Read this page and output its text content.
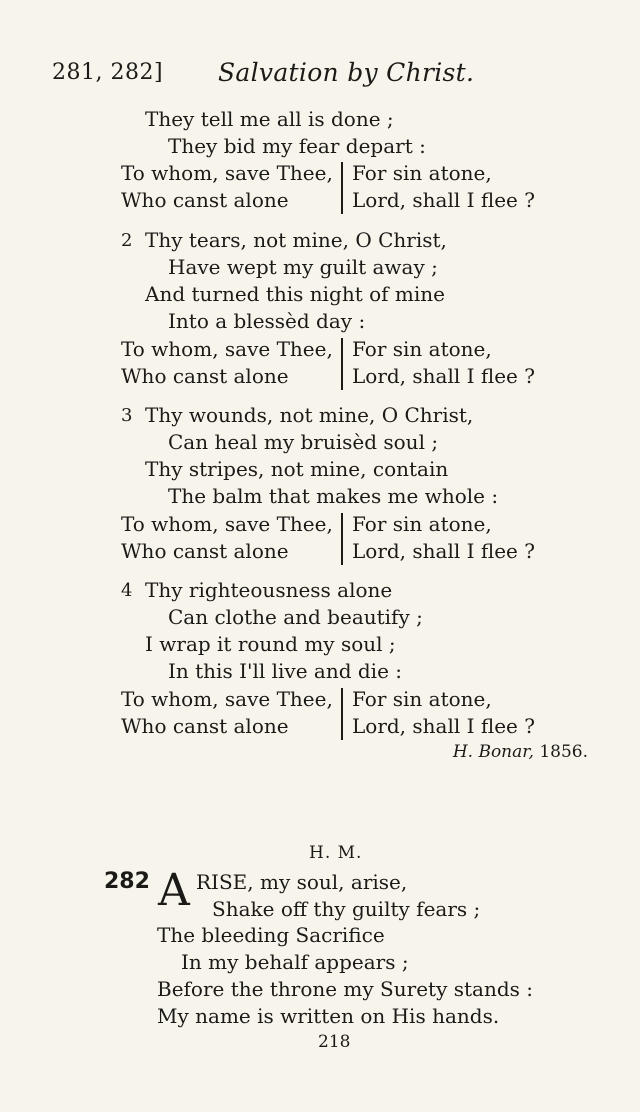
281, 282] Salvation by Christ.
They tell me all is done ;
They bid my fear depart :
To whom, save Thee,
Who canst alone
For sin atone,
Lord, shall I flee ?
2 Thy tears, not mine, O Christ,
Have wept my guilt away ;
And turned this night of mine
Into a blessèd day :
To whom, save Thee,
Who canst alone
For sin atone,
Lord, shall I flee ?
3 Thy wounds, not mine, O Christ,
Can heal my bruisèd soul ;
Thy stripes, not mine, contain
The balm that makes me whole :
To whom, save Thee,
Who canst alone
For sin atone,
Lord, shall I flee ?
4 Thy righteousness alone
Can clothe and beautify ;
I wrap it round my soul ;
In this I'll live and die :
To whom, save Thee,
Who canst alone
For sin atone,
Lord, shall I flee ?
H. Bonar, 1856.
H. M.
282 A RISE, my soul, arise,
Shake off thy guilty fears ;
The bleeding Sacrifice
In my behalf appears ;
Before the throne my Surety stands :
My name is written on His hands.
218
